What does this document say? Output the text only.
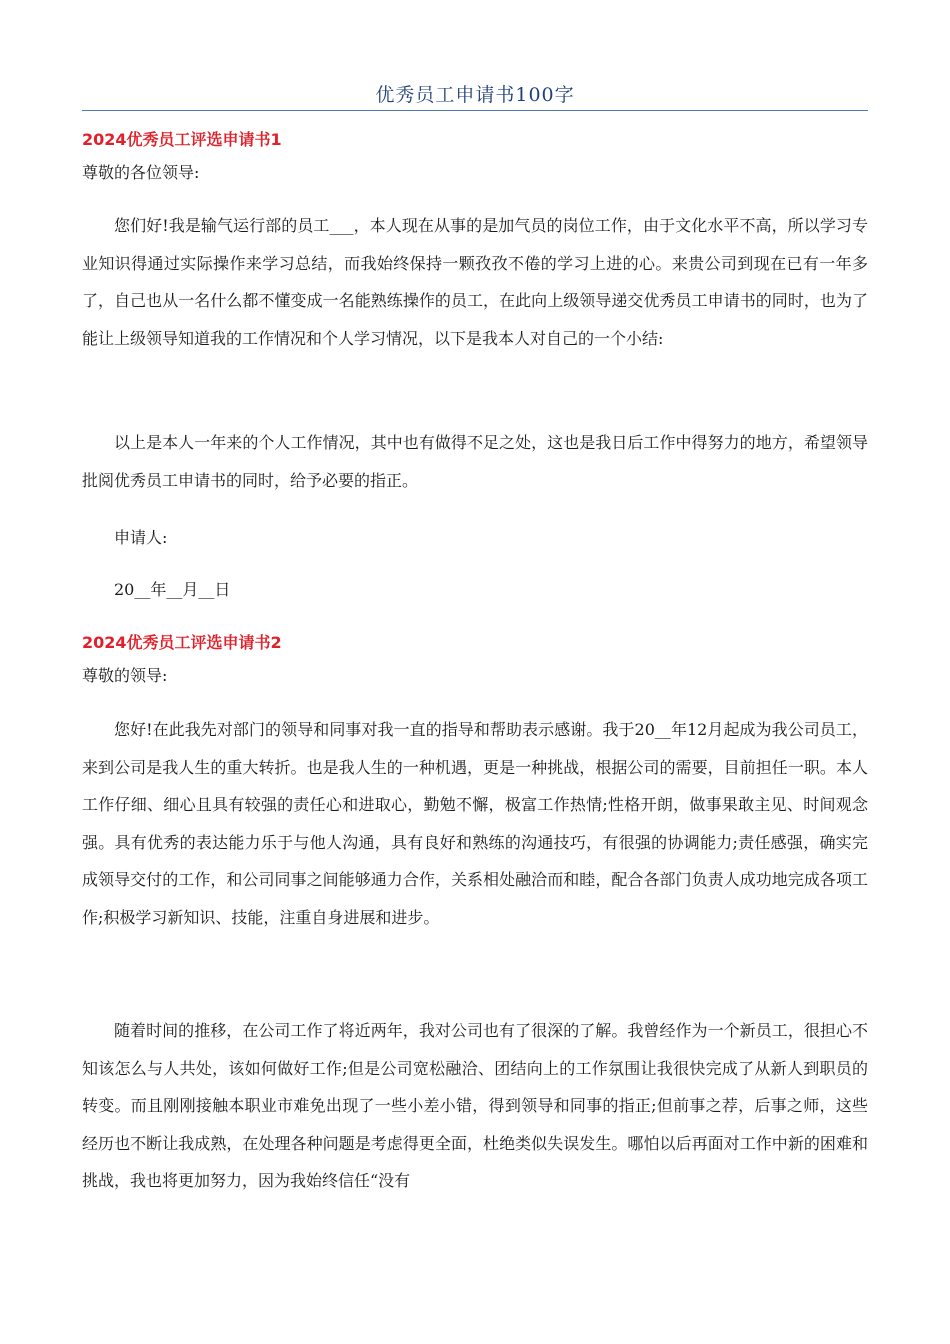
优秀员工申请书100字
2024优秀员工评选申请书1
尊敬的各位领导:
您们好!我是输气运行部的员工___，本人现在从事的是加气员的岗位工作，由于文化水平不高，所以学习专业知识得通过实际操作来学习总结，而我始终保持一颗孜孜不倦的学习上进的心。来贵公司到现在已有一年多了，自己也从一名什么都不懂变成一名能熟练操作的员工，在此向上级领导递交优秀员工申请书的同时，也为了能让上级领导知道我的工作情况和个人学习情况，以下是我本人对自己的一个小结:
以上是本人一年来的个人工作情况，其中也有做得不足之处，这也是我日后工作中得努力的地方，希望领导批阅优秀员工申请书的同时，给予必要的指正。
申请人:
20__年__月__日
2024优秀员工评选申请书2
尊敬的领导:
您好!在此我先对部门的领导和同事对我一直的指导和帮助表示感谢。我于20__年12月起成为我公司员工，来到公司是我人生的重大转折。也是我人生的一种机遇，更是一种挑战，根据公司的需要，目前担任一职。本人工作仔细、细心且具有较强的责任心和进取心，勤勉不懈，极富工作热情;性格开朗，做事果敢主见、时间观念强。具有优秀的表达能力乐于与他人沟通，具有良好和熟练的沟通技巧，有很强的协调能力;责任感强，确实完成领导交付的工作，和公司同事之间能够通力合作，关系相处融洽而和睦，配合各部门负责人成功地完成各项工作;积极学习新知识、技能，注重自身进展和进步。
随着时间的推移，在公司工作了将近两年，我对公司也有了很深的了解。我曾经作为一个新员工，很担心不知该怎么与人共处，该如何做好工作;但是公司宽松融洽、团结向上的工作氛围让我很快完成了从新人到职员的转变。而且刚刚接触本职业市难免出现了一些小差小错，得到领导和同事的指正;但前事之荐，后事之师，这些经历也不断让我成熟，在处理各种问题是考虑得更全面，杜绝类似失误发生。哪怕以后再面对工作中新的困难和挑战，我也将更加努力，因为我始终信任“没有
